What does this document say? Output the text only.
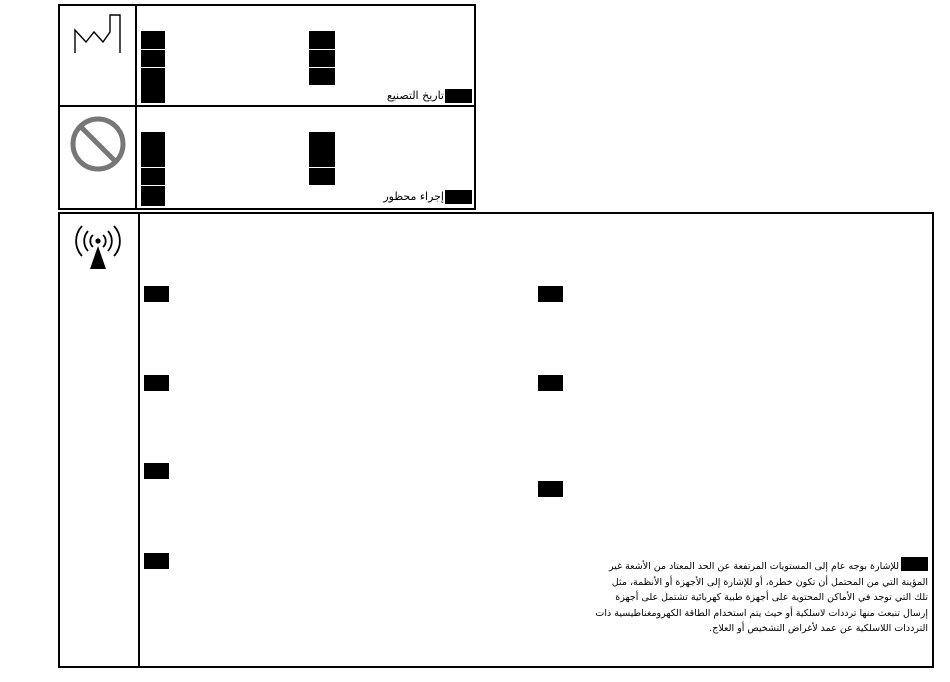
تاريخ التصنيع
إجراء محظور
للإشارة بوجه عام إلى المستويات المرتفعة عن الحد المعتاد من الأشعة غير
المؤينة التي من المحتمل أن تكون خطرة، أو للإشارة إلى الأجهزة أو الأنظمة، مثل
تلك التي توجد في الأماكن المحتوية على أجهزة طبية كهربائية تشتمل على أجهزة
إرسال تنبعث منها ترددات لاسلكية أو حيث يتم استخدام الطاقة الكهرومغناطيسية ذات
الترددات اللاسلكية عن عمد لأغراض التشخيص أو العلاج.
